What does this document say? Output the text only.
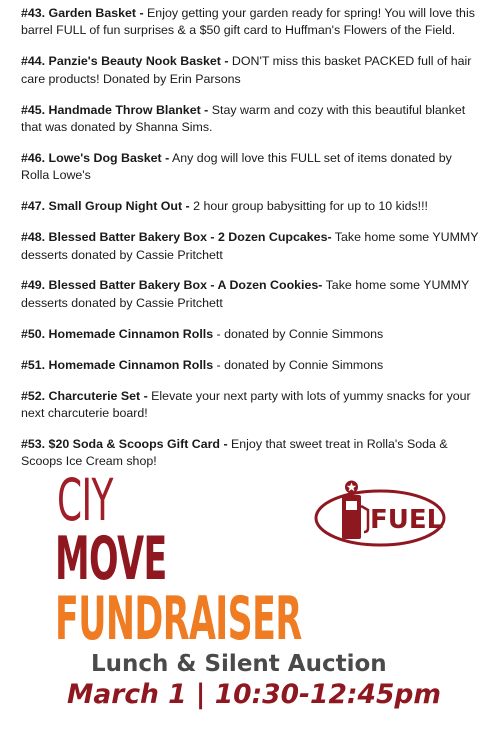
#43. Garden Basket - Enjoy getting your garden ready for spring! You will love this barrel FULL of fun surprises & a $50 gift card to Huffman's Flowers of the Field.
#44. Panzie's Beauty Nook Basket - DON'T miss this basket PACKED full of hair care products! Donated by Erin Parsons
#45. Handmade Throw Blanket - Stay warm and cozy with this beautiful blanket that was donated by Shanna Sims.
#46. Lowe's Dog Basket - Any dog will love this FULL set of items donated by Rolla Lowe's
#47. Small Group Night Out - 2 hour group babysitting for up to 10 kids!!!
#48. Blessed Batter Bakery Box - 2 Dozen Cupcakes- Take home some YUMMY desserts donated by Cassie Pritchett
#49. Blessed Batter Bakery Box - A Dozen Cookies- Take home some YUMMY desserts donated by Cassie Pritchett
#50. Homemade Cinnamon Rolls - donated by Connie Simmons
#51. Homemade Cinnamon Rolls - donated by Connie Simmons
#52. Charcuterie Set - Elevate your next party with lots of yummy snacks for your next charcuterie board!
#53. $20 Soda & Scoops Gift Card - Enjoy that sweet treat in Rolla's Soda & Scoops Ice Cream shop!
CIY
MOVE
FUNDRAISER
Lunch & Silent Auction
March 1 | 10:30-12:45pm
FUEL
